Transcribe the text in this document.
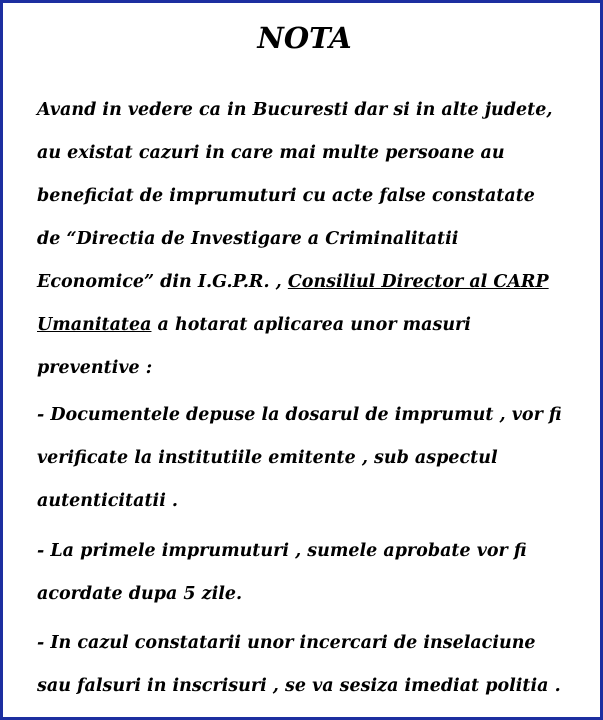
NOTA
Avand in vedere ca in Bucuresti dar si in alte judete,
au existat cazuri in care mai multe persoane au
beneficiat de imprumuturi cu acte false constatate
de “Directia de Investigare a Criminalitatii
Economice” din I.G.P.R. , Consiliul Director al CARP
Umanitatea a hotarat aplicarea unor masuri
preventive :
- Documentele depuse la dosarul de imprumut , vor fi
verificate la institutiile emitente , sub aspectul
autenticitatii .
- La primele imprumuturi , sumele aprobate vor fi
acordate dupa 5 zile.
- In cazul constatarii unor incercari de inselaciune
sau falsuri in inscrisuri , se va sesiza imediat politia .
